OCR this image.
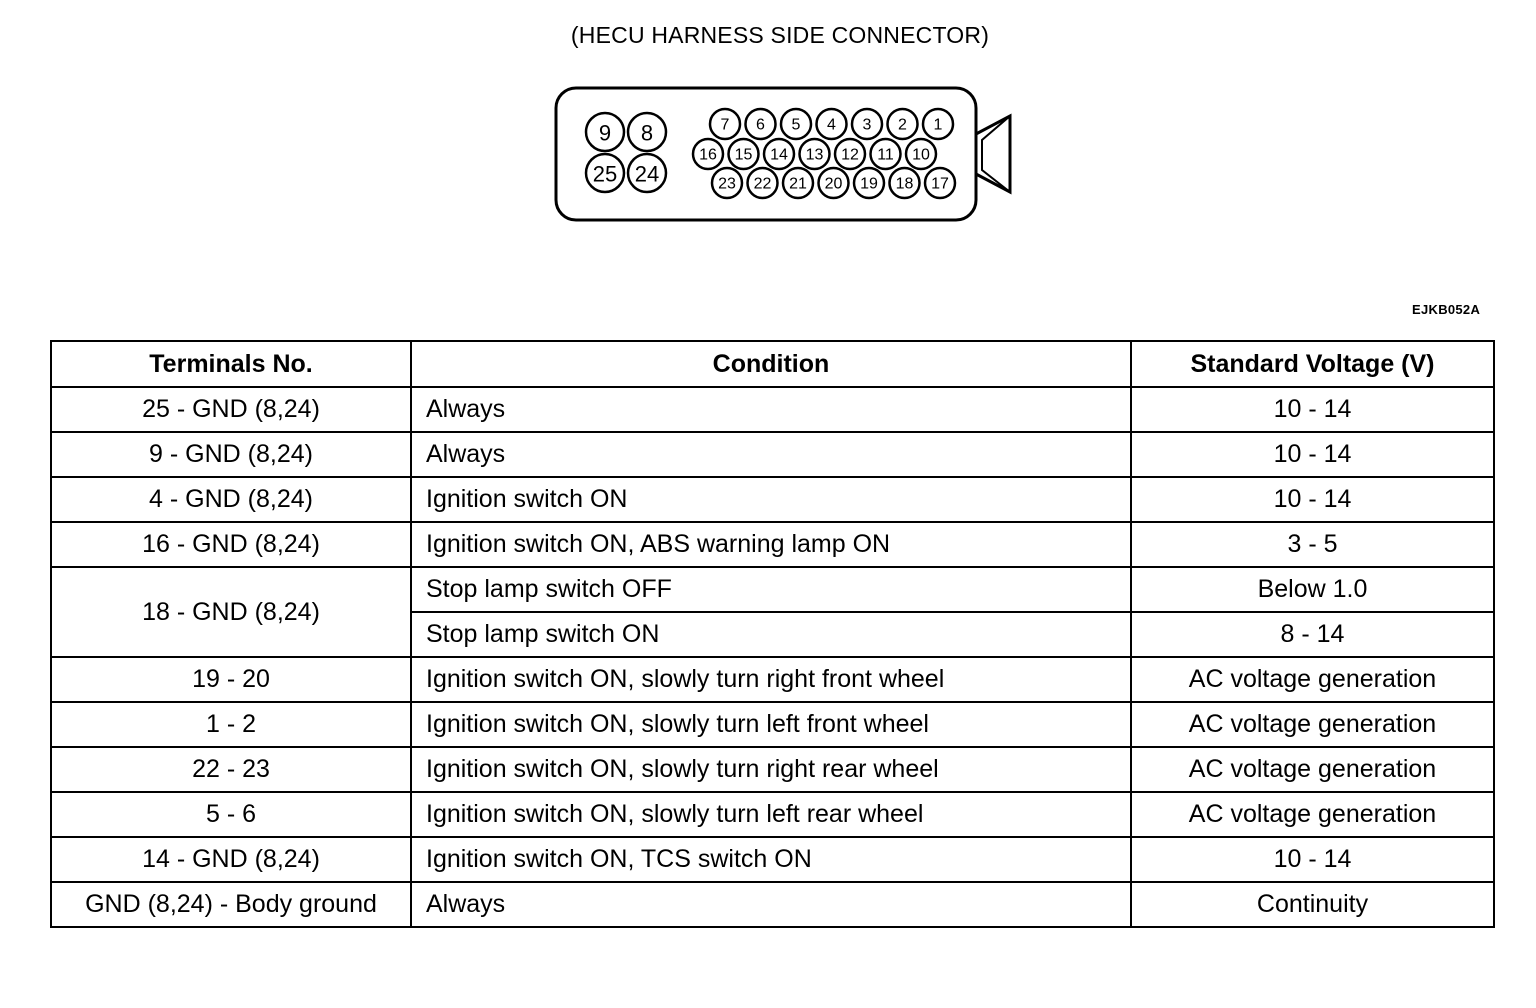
(HECU HARNESS SIDE CONNECTOR)
9 8
25 24
7 6 5 4 3 2 1
16 15 14 13 12 11 10
23 22 21 20 19 18 17
EJKB052A
Terminals No.	Condition	Standard Voltage (V)
25 - GND (8,24)	Always	10 - 14
9 - GND (8,24)	Always	10 - 14
4 - GND (8,24)	Ignition switch ON	10 - 14
16 - GND (8,24)	Ignition switch ON, ABS warning lamp ON	3 - 5
18 - GND (8,24)	Stop lamp switch OFF	Below 1.0
	Stop lamp switch ON	8 - 14
19 - 20	Ignition switch ON, slowly turn right front wheel	AC voltage generation
1 - 2	Ignition switch ON, slowly turn left front wheel	AC voltage generation
22 - 23	Ignition switch ON, slowly turn right rear wheel	AC voltage generation
5 - 6	Ignition switch ON, slowly turn left rear wheel	AC voltage generation
14 - GND (8,24)	Ignition switch ON, TCS switch ON	10 - 14
GND (8,24) - Body ground	Always	Continuity
